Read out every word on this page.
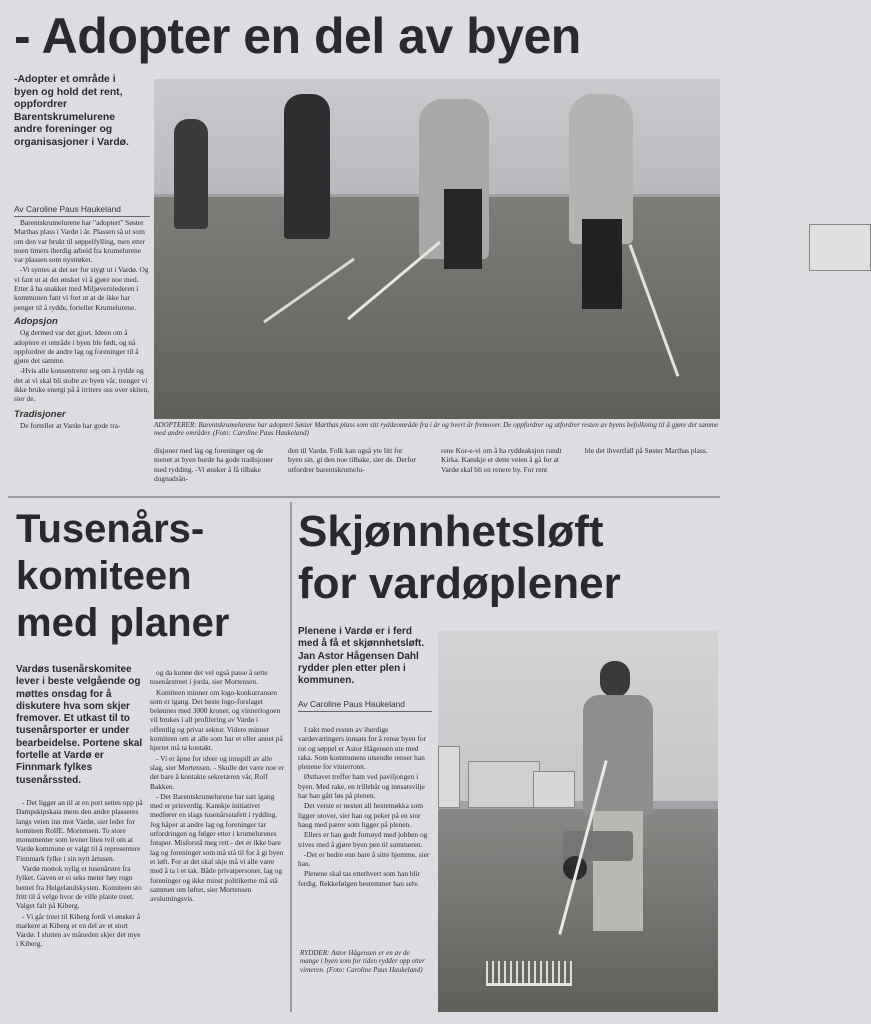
- Adopter en del av byen
-Adopter et område i byen og hold det rent, oppfordrer Barentskrumelurene andre foreninger og organisasjoner i Vardø.
Av Caroline Paus Haukeland

Barentskrumelurene har "adoptert" Søster Marthas plass i Vardø i år. Plassen så ut som om den var brukt til søppelfylling, men etter noen timers iherdig arbeid fra krumelurene var plassen som nystrøket.

-Vi syntes at det ser for stygt ut i Vardø. Og vi fant ut at det ønsket vi å gjøre noe med. Etter å ha snakket med Miljøvernlederen i kommunen fant vi fort ut at de ikke har penger til å rydde, forteller Krumelurene.

Adopsjon

Og dermed var det gjort. Ideen om å adoptere et område i byen ble født, og nå oppfordrer de andre lag og foreninger til å gjøre det samme.

-Hvis alle konsentrerer seg om å rydde og det at vi skal bli stolte av byen vår, trenger vi ikke bruke energi på å irritere oss over skiten, sier de.

Tradisjoner

De forteller at Vardø har gode tra-	ADOPTERER: Barentskrumelurene har adoptert Søster Marthas plass som sitt ryddeområde fra i år og hvert år fremover. De oppfordrer og utfordrer resten av byens befolkning til å gjøre det samme med andre områder. (Foto: Caroline Paus Haukeland)
disjoner med lag og foreninger og de mener at byen burde ha gode tradisjoner med rydding. -Vi ønsker å få tilbake dugnadsån-
den til Vardø. Folk kan også yte litt for byen sin, gi den noe tilbake, sier de. Derfor utfordrer barentskrumelu-
rene Kor-e-vi om å ha ryddeaksjon rundt Kirka. Kanskje er dette veien å gå for at Vardø skal bli en renere by. For rent
ble det ihvertfall på Søster Marthas plass.
Tusenårs-
komiteen
med planer
Vardøs tusenårskomitee lever i beste velgående og møttes onsdag for å diskutere hva som skjer fremover. Et utkast til to tusenårsporter er under bearbeidelse. Portene skal fortelle at Vardø er Finnmark fylkes tusenårssted.

- Det ligger an til at en port settes opp på Dampskipskaia mens den andre plasseres langs veien inn mot Vardø, sier leder for komiteen RolfE. Mortensen. To store monumenter som levner liten tvil om at Vardø kommune er valgt til å representere Finnmark fylke i sin nytt årtusen.

Vardø mottok nylig et tusenårstre fra fylket. Gaven er ei seks meter høy rogn hentet fra Helgelandskysten. Komiteen sto fritt til å velge hvor de ville plante treet. Valget falt på Kiberg.

- Vi går treet til Kiberg fordi vi ønsker å markere at Kiberg er en del av et stort Vardø. I slutten av måneden skjer det mye i Kiberg,

og da kunne det vel også passe å sette tusenårstreet i jorda, sier Mortensen.

Komiteen minner om logo-konkurransen som er igang. Det beste logo-forslaget belønnes med 3000 kroner, og vinnerlogoen vil brukes i all profilering av Vardø i offentlig og privat sektor. Videre minner komiteen om at alle som har et eller annet på hjertet må ta kontakt.

- Vi er åpne for ideer og innspill av alle slag, sier Mortensen. - Skulle det være noe er det bare å kontakte sekretæren vår, Rolf Bakken.

- Det Barentskrumelurene har satt igang med er prisverdig. Kanskje initiativet medfører en slags tusenårsstafett i rydding. Jeg håper at andre lag og foreninger tar utfordringen og følger etter i krumelurenes fotspor. Misforstå meg rett - det er ikke bare lag og foreninger som må stå til for å gi byen et løft. For at det skal skje må vi alle være med å ta i et tak. Både privatpersoner, lag og foreninger og ikke minst politikerne må stå sammen om løftet, sier Mortensen avslutningsvis.

Skjønnhetsløft
for vardøplener
Plenene i Vardø er i ferd med å få et skjønnhetsløft. Jan Astor Hågensen Dahl rydder plen etter plen i kommunen.
Av Caroline Paus Haukeland

I takt med resten av iherdige vardøværingers innsats for å rense byen for rot og søppel er Astor Hågensen ute med raka. Som kommunens utsendte renser han plenene for vinterrotet.

Østhavet treffer ham ved paviljongen i byen. Med rake, en trillebår og innsatsvilje har han gått løs på plenen.

Det verste er nesten all hestemøkka som ligger utover, sier han og peker på en stor haug med pærer som ligger på plenen.

Ellers er han godt fornøyd med jobben og trives med å gjøre byen pen til sommeren.

-Det er bedre enn bare å sitte hjemme, sier han.

Plenene skal tas etterhvert som han blir ferdig. Rekkefølgen bestemmer han selv.

RYDDER: Astor Hågensen er en av de mange i byen som for tiden rydder opp etter vinteren. (Foto: Caroline Paus Haukeland)
